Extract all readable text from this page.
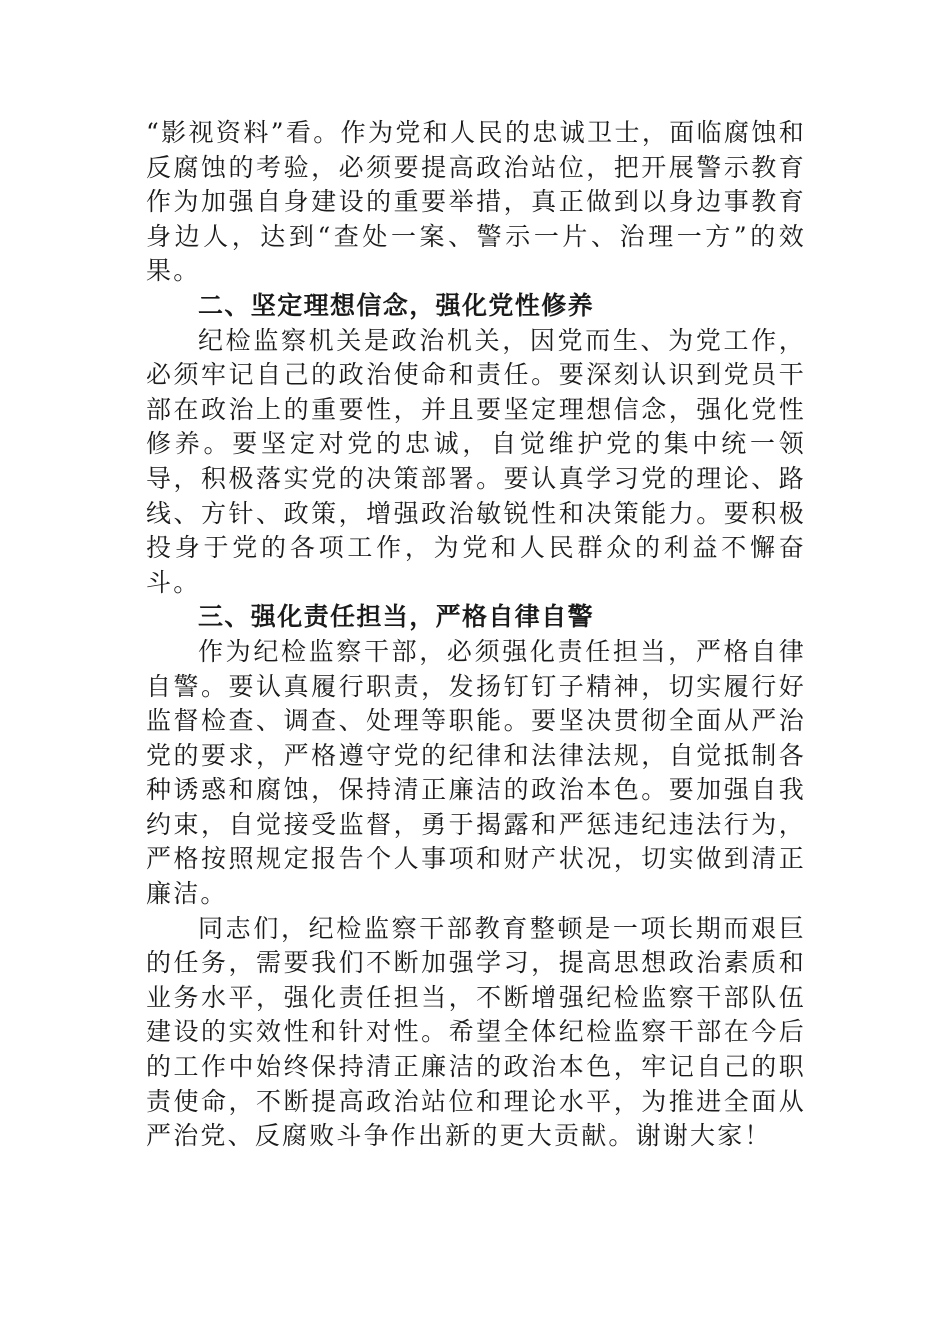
“影视资料”看。作为党和人民的忠诚卫士，面临腐蚀和反腐蚀的考验，必须要提高政治站位，把开展警示教育作为加强自身建设的重要举措，真正做到以身边事教育身边人，达到“查处一案、警示一片、治理一方”的效果。

二、坚定理想信念，强化党性修养

纪检监察机关是政治机关，因党而生、为党工作，必须牢记自己的政治使命和责任。要深刻认识到党员干部在政治上的重要性，并且要坚定理想信念，强化党性修养。要坚定对党的忠诚，自觉维护党的集中统一领导，积极落实党的决策部署。要认真学习党的理论、路线、方针、政策，增强政治敏锐性和决策能力。要积极投身于党的各项工作，为党和人民群众的利益不懈奋斗。

三、强化责任担当，严格自律自警

作为纪检监察干部，必须强化责任担当，严格自律自警。要认真履行职责，发扬钉钉子精神，切实履行好监督检查、调查、处理等职能。要坚决贯彻全面从严治党的要求，严格遵守党的纪律和法律法规，自觉抵制各种诱惑和腐蚀，保持清正廉洁的政治本色。要加强自我约束，自觉接受监督，勇于揭露和严惩违纪违法行为，严格按照规定报告个人事项和财产状况，切实做到清正廉洁。

同志们，纪检监察干部教育整顿是一项长期而艰巨的任务，需要我们不断加强学习，提高思想政治素质和业务水平，强化责任担当，不断增强纪检监察干部队伍建设的实效性和针对性。希望全体纪检监察干部在今后的工作中始终保持清正廉洁的政治本色，牢记自己的职责使命，不断提高政治站位和理论水平，为推进全面从严治党、反腐败斗争作出新的更大贡献。谢谢大家！
